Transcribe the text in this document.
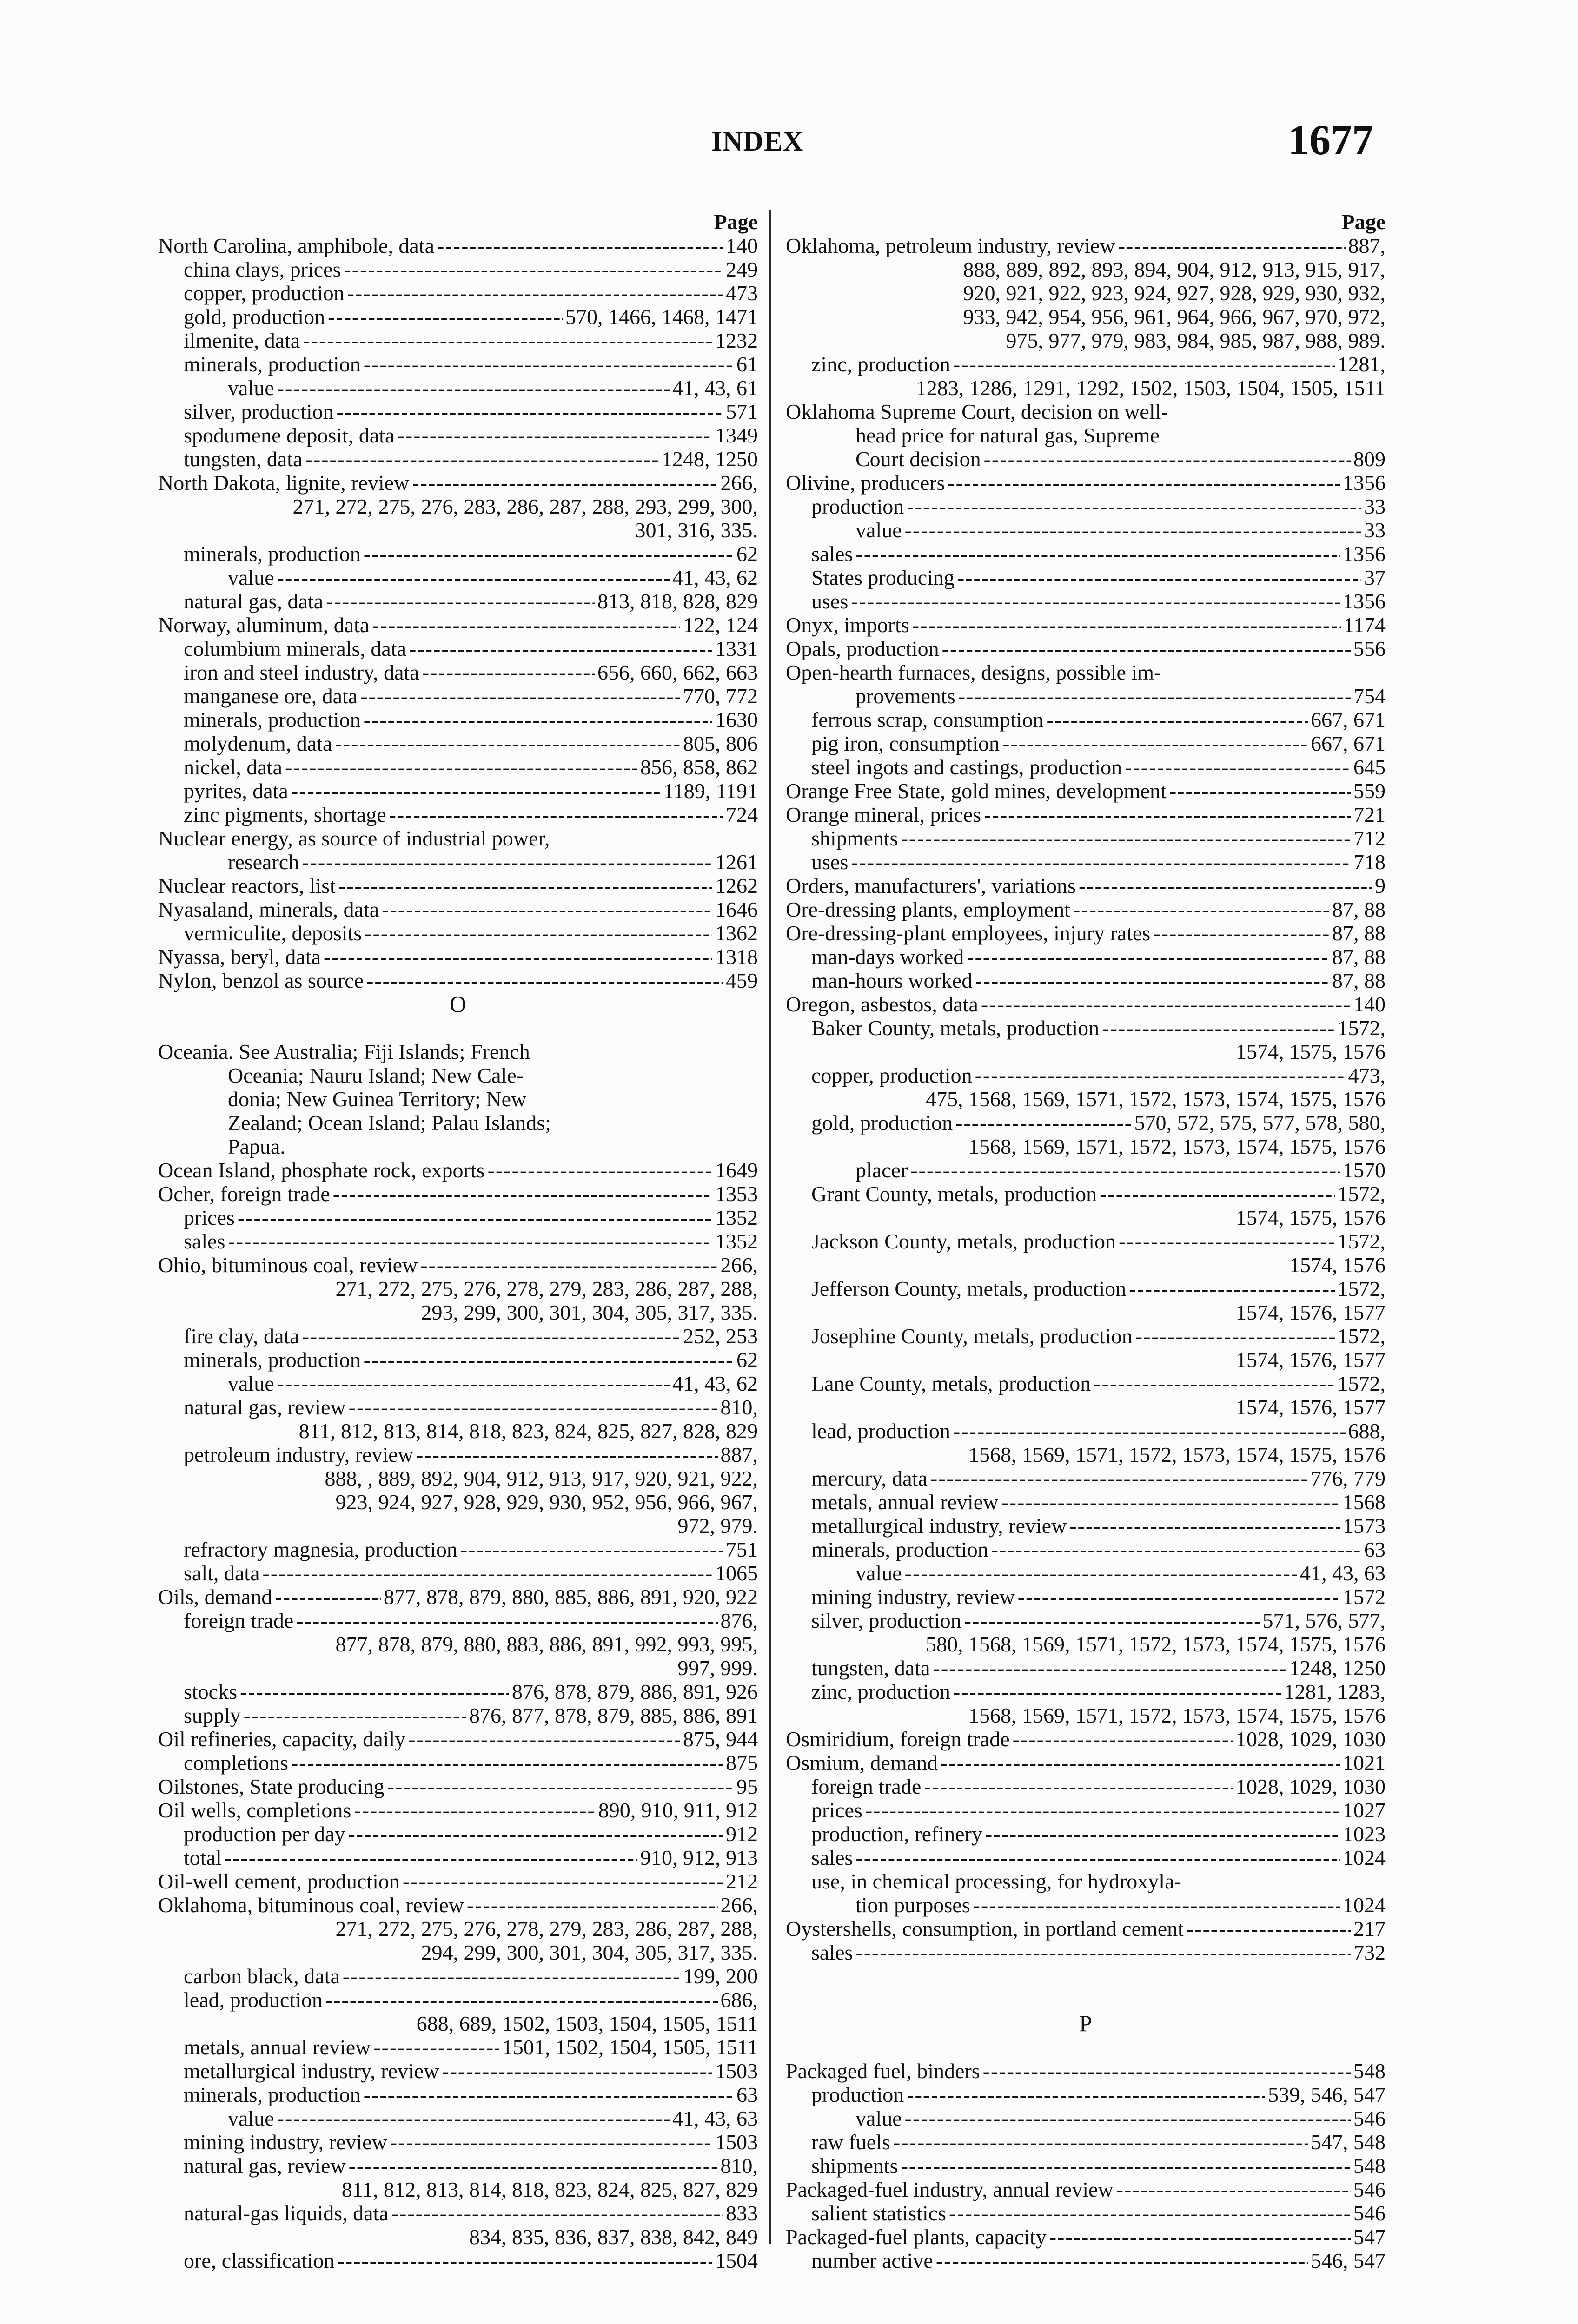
INDEX	1677
Page
North Carolina, amphibole, data -----	140
china clays, prices -----	249
copper, production -----	473
gold, production -----	570, 1466, 1468, 1471
ilmenite, data -----	1232
minerals, production -----	61
value -----	41, 43, 61
silver, production -----	571
spodumene deposit, data -----	1349
tungsten, data -----	1248, 1250
North Dakota, lignite, review -----	266,
271, 272, 275, 276, 283, 286, 287, 288, 293, 299, 300,
301, 316, 335.
minerals, production -----	62
value -----	41, 43, 62
natural gas, data -----	813, 818, 828, 829
Norway, aluminum, data -----	122, 124
columbium minerals, data -----	1331
iron and steel industry, data -----	656, 660, 662, 663
manganese ore, data -----	770, 772
minerals, production -----	1630
molydenum, data -----	805, 806
nickel, data -----	856, 858, 862
pyrites, data -----	1189, 1191
zinc pigments, shortage -----	724
Nuclear energy, as source of industrial power,
research -----	1261
Nuclear reactors, list -----	1262
Nyasaland, minerals, data -----	1646
vermiculite, deposits -----	1362
Nyassa, beryl, data -----	1318
Nylon, benzol as source -----	459
O
Oceania. See Australia; Fiji Islands; French
Oceania; Nauru Island; New Cale-
donia; New Guinea Territory; New
Zealand; Ocean Island; Palau Islands;
Papua.
Ocean Island, phosphate rock, exports -----	1649
Ocher, foreign trade -----	1353
prices -----	1352
sales -----	1352
Ohio, bituminous coal, review -----	266,
271, 272, 275, 276, 278, 279, 283, 286, 287, 288,
293, 299, 300, 301, 304, 305, 317, 335.
fire clay, data -----	252, 253
minerals, production -----	62
value -----	41, 43, 62
natural gas, review -----	810,
811, 812, 813, 814, 818, 823, 824, 825, 827, 828, 829
petroleum industry, review -----	887,
888, , 889, 892, 904, 912, 913, 917, 920, 921, 922,
923, 924, 927, 928, 929, 930, 952, 956, 966, 967,
972, 979.
refractory magnesia, production -----	751
salt, data -----	1065
Oils, demand -----	877, 878, 879, 880, 885, 886, 891, 920, 922
foreign trade -----	876,
877, 878, 879, 880, 883, 886, 891, 992, 993, 995,
997, 999.
stocks -----	876, 878, 879, 886, 891, 926
supply -----	876, 877, 878, 879, 885, 886, 891
Oil refineries, capacity, daily -----	875, 944
completions -----	875
Oilstones, State producing -----	95
Oil wells, completions -----	890, 910, 911, 912
production per day -----	912
total -----	910, 912, 913
Oil-well cement, production -----	212
Oklahoma, bituminous coal, review -----	266,
271, 272, 275, 276, 278, 279, 283, 286, 287, 288,
294, 299, 300, 301, 304, 305, 317, 335.
carbon black, data -----	199, 200
lead, production -----	686,
688, 689, 1502, 1503, 1504, 1505, 1511
metals, annual review -----	1501, 1502, 1504, 1505, 1511
metallurgical industry, review -----	1503
minerals, production -----	63
value -----	41, 43, 63
mining industry, review -----	1503
natural gas, review -----	810,
811, 812, 813, 814, 818, 823, 824, 825, 827, 829
natural-gas liquids, data -----	833
834, 835, 836, 837, 838, 842, 849
ore, classification -----	1504
Page
Oklahoma, petroleum industry, review -----	887,
888, 889, 892, 893, 894, 904, 912, 913, 915, 917,
920, 921, 922, 923, 924, 927, 928, 929, 930, 932,
933, 942, 954, 956, 961, 964, 966, 967, 970, 972,
975, 977, 979, 983, 984, 985, 987, 988, 989.
zinc, production -----	1281,
1283, 1286, 1291, 1292, 1502, 1503, 1504, 1505, 1511
Oklahoma Supreme Court, decision on well-
head price for natural gas, Supreme
Court decision -----	809
Olivine, producers -----	1356
production -----	33
value -----	33
sales -----	1356
States producing -----	37
uses -----	1356
Onyx, imports -----	1174
Opals, production -----	556
Open-hearth furnaces, designs, possible im-
provements -----	754
ferrous scrap, consumption -----	667, 671
pig iron, consumption -----	667, 671
steel ingots and castings, production -----	645
Orange Free State, gold mines, development -----	559
Orange mineral, prices -----	721
shipments -----	712
uses -----	718
Orders, manufacturers', variations -----	9
Ore-dressing plants, employment -----	87, 88
Ore-dressing-plant employees, injury rates -----	87, 88
man-days worked -----	87, 88
man-hours worked -----	87, 88
Oregon, asbestos, data -----	140
Baker County, metals, production -----	1572,
1574, 1575, 1576
copper, production -----	473,
475, 1568, 1569, 1571, 1572, 1573, 1574, 1575, 1576
gold, production -----	570, 572, 575, 577, 578, 580,
1568, 1569, 1571, 1572, 1573, 1574, 1575, 1576
placer -----	1570
Grant County, metals, production -----	1572,
1574, 1575, 1576
Jackson County, metals, production -----	1572,
1574, 1576
Jefferson County, metals, production -----	1572,
1574, 1576, 1577
Josephine County, metals, production -----	1572,
1574, 1576, 1577
Lane County, metals, production -----	1572,
1574, 1576, 1577
lead, production -----	688,
1568, 1569, 1571, 1572, 1573, 1574, 1575, 1576
mercury, data -----	776, 779
metals, annual review -----	1568
metallurgical industry, review -----	1573
minerals, production -----	63
value -----	41, 43, 63
mining industry, review -----	1572
silver, production -----	571, 576, 577,
580, 1568, 1569, 1571, 1572, 1573, 1574, 1575, 1576
tungsten, data -----	1248, 1250
zinc, production -----	1281, 1283,
1568, 1569, 1571, 1572, 1573, 1574, 1575, 1576
Osmiridium, foreign trade -----	1028, 1029, 1030
Osmium, demand -----	1021
foreign trade -----	1028, 1029, 1030
prices -----	1027
production, refinery -----	1023
sales -----	1024
use, in chemical processing, for hydroxyla-
tion purposes -----	1024
Oystershells, consumption, in portland cement -----	217
sales -----	732
P
Packaged fuel, binders -----	548
production -----	539, 546, 547
value -----	546
raw fuels -----	547, 548
shipments -----	548
Packaged-fuel industry, annual review -----	546
salient statistics -----	546
Packaged-fuel plants, capacity -----	547
number active -----	546, 547
